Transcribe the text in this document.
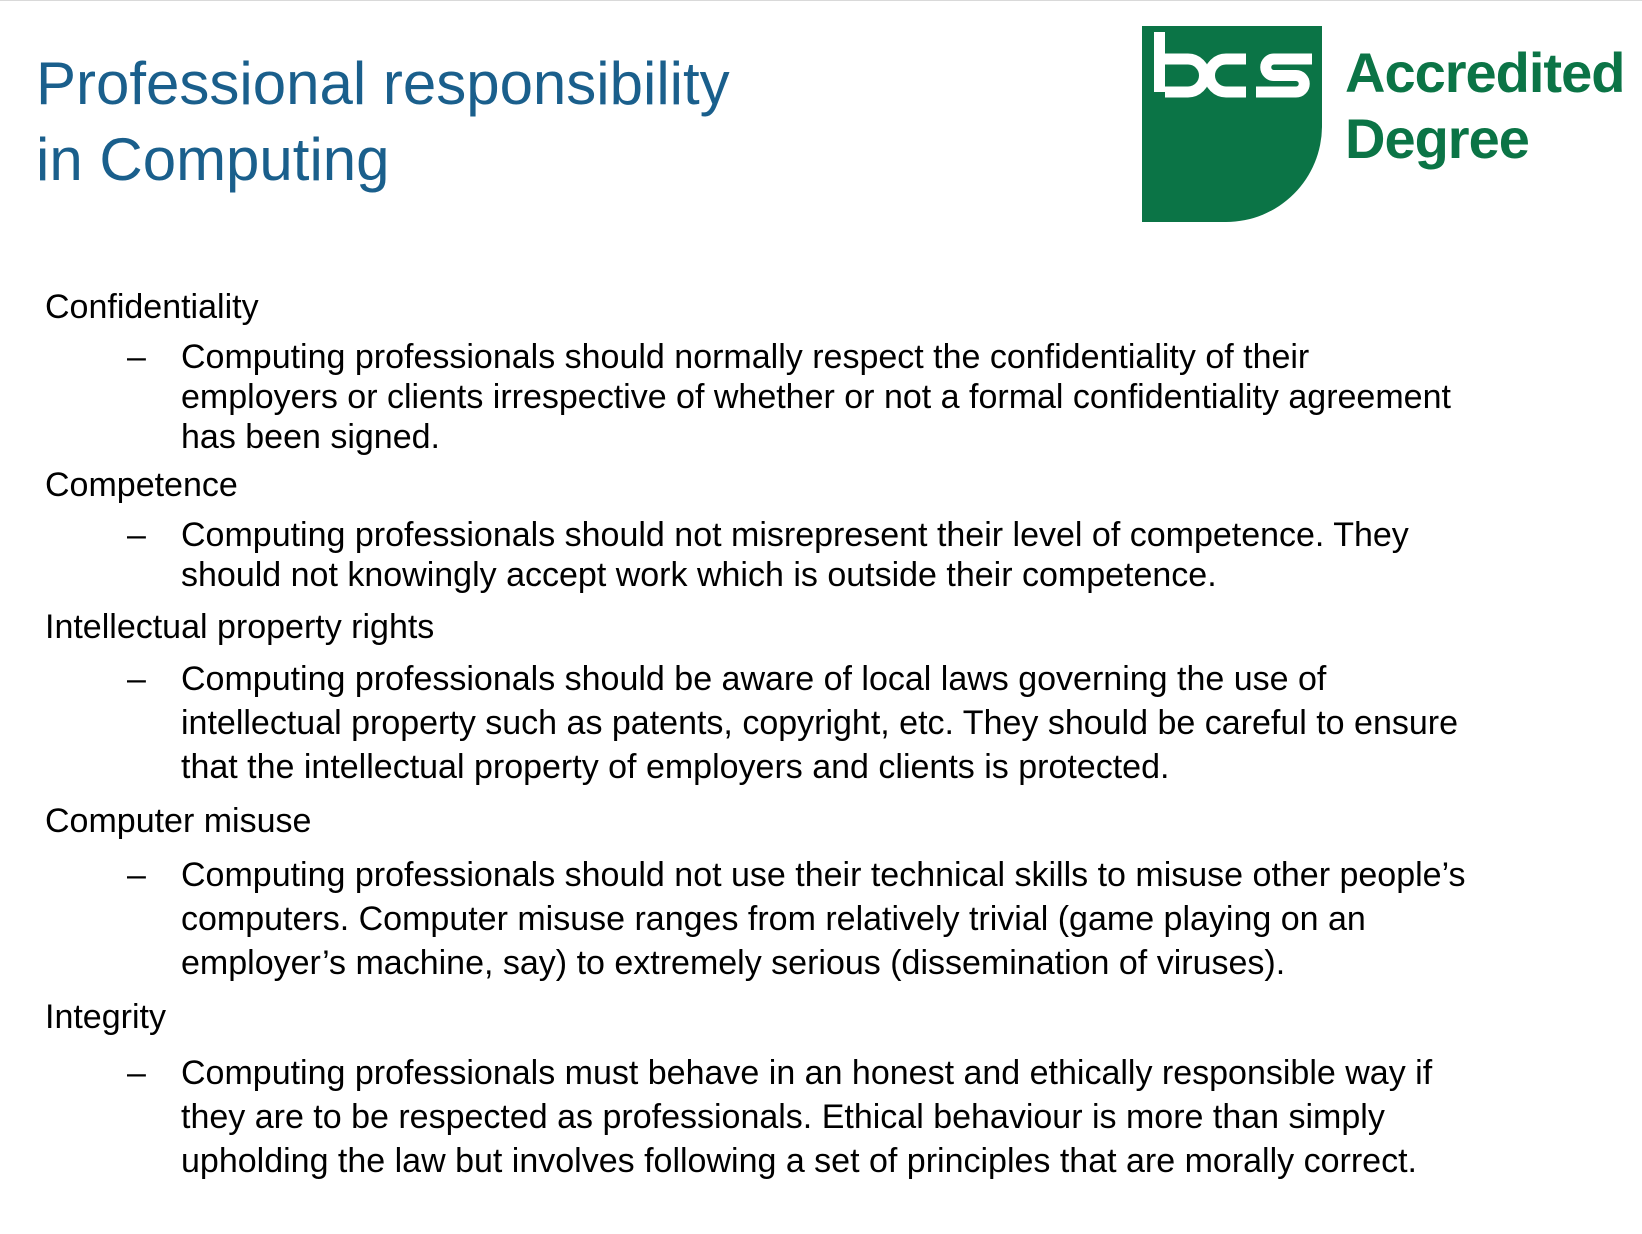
Professional responsibility
in Computing
Accredited
Degree

Confidentiality

– Computing professionals should normally respect the confidentiality of their
employers or clients irrespective of whether or not a formal confidentiality agreement
has been signed.

Competence

– Computing professionals should not misrepresent their level of competence. They
should not knowingly accept work which is outside their competence.

Intellectual property rights

– Computing professionals should be aware of local laws governing the use of
intellectual property such as patents, copyright, etc. They should be careful to ensure
that the intellectual property of employers and clients is protected.

Computer misuse

– Computing professionals should not use their technical skills to misuse other people’s
computers. Computer misuse ranges from relatively trivial (game playing on an
employer’s machine, say) to extremely serious (dissemination of viruses).

Integrity

– Computing professionals must behave in an honest and ethically responsible way if
they are to be respected as professionals. Ethical behaviour is more than simply
upholding the law but involves following a set of principles that are morally correct.
